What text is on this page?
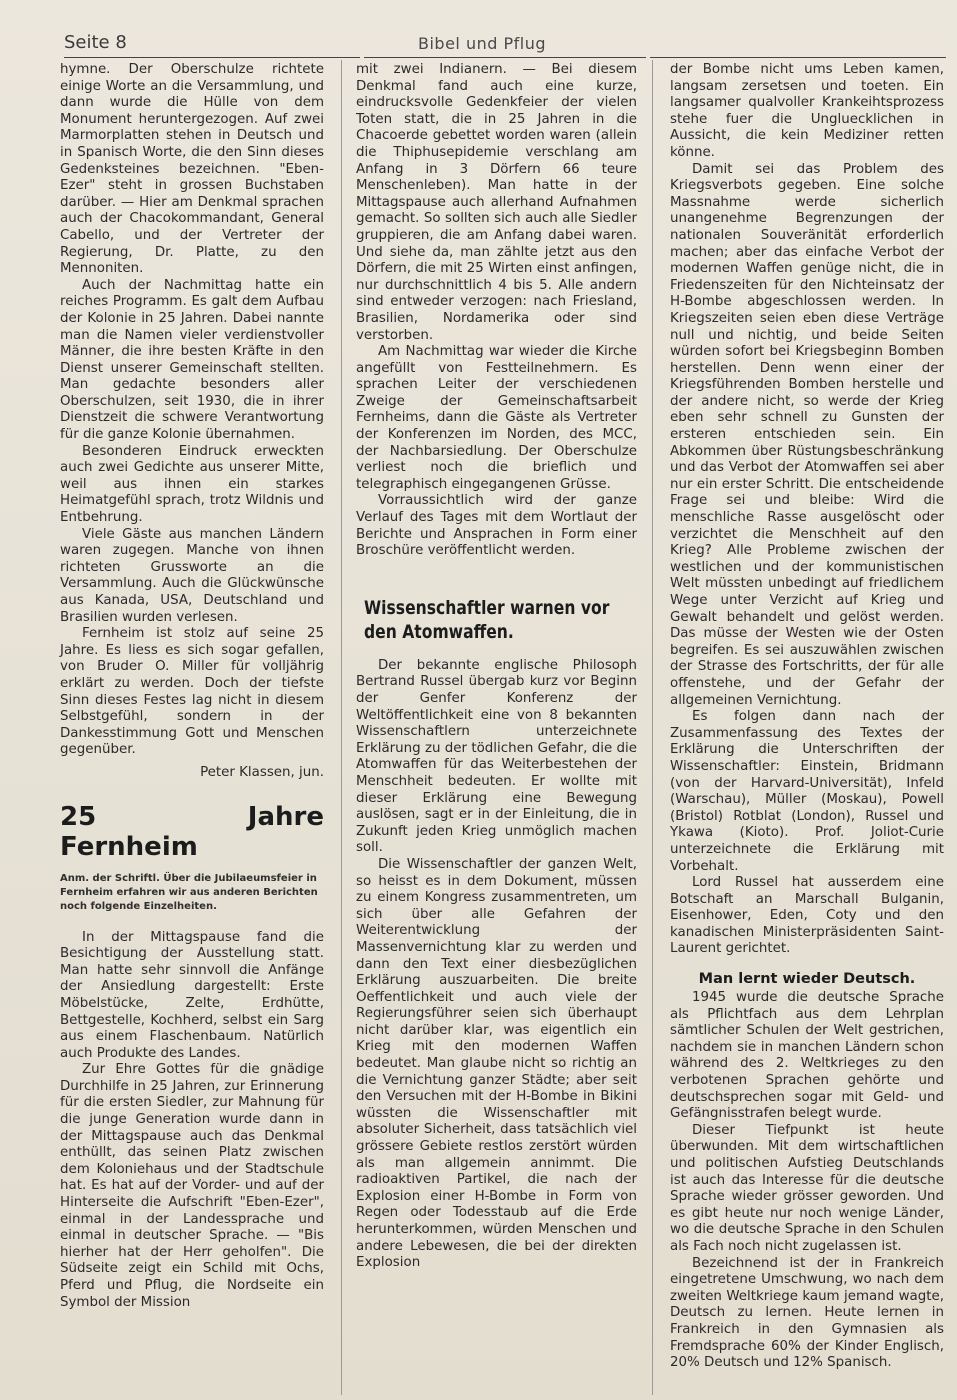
Seite 8	Bibel und Pflug

hymne. Der Oberschulze richtete einige Worte an die Versammlung, und dann wurde die Hülle von dem Monument heruntergezogen. Auf zwei Marmorplatten stehen in Deutsch und in Spanisch Worte, die den Sinn dieses Gedenksteines bezeichnen. "Eben-Ezer" steht in grossen Buchstaben darüber. — Hier am Denkmal sprachen auch der Chacokommandant, General Cabello, und der Vertreter der Regierung, Dr. Platte, zu den Mennoniten.

Auch der Nachmittag hatte ein reiches Programm. Es galt dem Aufbau der Kolonie in 25 Jahren. Dabei nannte man die Namen vieler verdienstvoller Männer, die ihre besten Kräfte in den Dienst unserer Gemeinschaft stellten. Man gedachte besonders aller Oberschulzen, seit 1930, die in ihrer Dienstzeit die schwere Verantwortung für die ganze Kolonie übernahmen.

Besonderen Eindruck erweckten auch zwei Gedichte aus unserer Mitte, weil aus ihnen ein starkes Heimatgefühl sprach, trotz Wildnis und Entbehrung.

Viele Gäste aus manchen Ländern waren zugegen. Manche von ihnen richteten Grussworte an die Versammlung. Auch die Glückwünsche aus Kanada, USA, Deutschland und Brasilien wurden verlesen.

Fernheim ist stolz auf seine 25 Jahre. Es liess es sich sogar gefallen, von Bruder O. Miller für volljährig erklärt zu werden. Doch der tiefste Sinn dieses Festes lag nicht in diesem Selbstgefühl, sondern in der Dankesstimmung Gott und Menschen gegenüber.

Peter Klassen, jun.

25 Jahre Fernheim
Anm. der Schriftl. Über die Jubilaeumsfeier in Fernheim erfahren wir aus anderen Berichten noch folgende Einzelheiten.

In der Mittagspause fand die Besichtigung der Ausstellung statt. Man hatte sehr sinnvoll die Anfänge der Ansiedlung dargestellt: Erste Möbelstücke, Zelte, Erdhütte, Bettgestelle, Kochherd, selbst ein Sarg aus einem Flaschenbaum. Natürlich auch Produkte des Landes.

Zur Ehre Gottes für die gnädige Durchhilfe in 25 Jahren, zur Erinnerung für die ersten Siedler, zur Mahnung für die junge Generation wurde dann in der Mittagspause auch das Denkmal enthüllt, das seinen Platz zwischen dem Koloniehaus und der Stadtschule hat. Es hat auf der Vorder- und auf der Hinterseite die Aufschrift "Eben-Ezer", einmal in der Landessprache und einmal in deutscher Sprache. — "Bis hierher hat der Herr geholfen". Die Südseite zeigt ein Schild mit Ochs, Pferd und Pflug, die Nordseite ein Symbol der Mission

mit zwei Indianern. — Bei diesem Denkmal fand auch eine kurze, eindrucksvolle Gedenkfeier der vielen Toten statt, die in 25 Jahren in die Chacoerde gebettet worden waren (allein die Thiphusepidemie verschlang am Anfang in 3 Dörfern 66 teure Menschenleben). Man hatte in der Mittagspause auch allerhand Aufnahmen gemacht. So sollten sich auch alle Siedler gruppieren, die am Anfang dabei waren. Und siehe da, man zählte jetzt aus den Dörfern, die mit 25 Wirten einst anfingen, nur durchschnittlich 4 bis 5. Alle andern sind entweder verzogen: nach Friesland, Brasilien, Nordamerika oder sind verstorben.

Am Nachmittag war wieder die Kirche angefüllt von Festteilnehmern. Es sprachen Leiter der verschiedenen Zweige der Gemeinschaftsarbeit Fernheims, dann die Gäste als Vertreter der Konferenzen im Norden, des MCC, der Nachbarsiedlung. Der Oberschulze verliest noch die brieflich und telegraphisch eingegangenen Grüsse.

Vorraussichtlich wird der ganze Verlauf des Tages mit dem Wortlaut der Berichte und Ansprachen in Form einer Broschüre veröffentlicht werden.

Wissenschaftler warnen vor den Atomwaffen.

Der bekannte englische Philosoph Bertrand Russel übergab kurz vor Beginn der Genfer Konferenz der Weltöffentlichkeit eine von 8 bekannten Wissenschaftlern unterzeichnete Erklärung zu der tödlichen Gefahr, die die Atomwaffen für das Weiterbestehen der Menschheit bedeuten. Er wollte mit dieser Erklärung eine Bewegung auslösen, sagt er in der Einleitung, die in Zukunft jeden Krieg unmöglich machen soll.

Die Wissenschaftler der ganzen Welt, so heisst es in dem Dokument, müssen zu einem Kongress zusammentreten, um sich über alle Gefahren der Weiterentwicklung der Massenvernichtung klar zu werden und dann den Text einer diesbezüglichen Erklärung auszuarbeiten. Die breite Oeffentlichkeit und auch viele der Regierungsführer seien sich überhaupt nicht darüber klar, was eigentlich ein Krieg mit den modernen Waffen bedeutet. Man glaube nicht so richtig an die Vernichtung ganzer Städte; aber seit den Versuchen mit der H-Bombe in Bikini wüssten die Wissenschaftler mit absoluter Sicherheit, dass tatsächlich viel grössere Gebiete restlos zerstört würden als man allgemein annimmt. Die radioaktiven Partikel, die nach der Explosion einer H-Bombe in Form von Regen oder Todesstaub auf die Erde herunterkommen, würden Menschen und andere Lebewesen, die bei der direkten Explosion

der Bombe nicht ums Leben kamen, langsam zersetsen und toeten. Ein langsamer qualvoller Krankeihtsprozess stehe fuer die Ungluecklichen in Aussicht, die kein Mediziner retten könne.

Damit sei das Problem des Kriegsverbots gegeben. Eine solche Massnahme werde sicherlich unangenehme Begrenzungen der nationalen Souveränität erforderlich machen; aber das einfache Verbot der modernen Waffen genüge nicht, die in Friedenszeiten für den Nichteinsatz der H-Bombe abgeschlossen werden. In Kriegszeiten seien eben diese Verträge null und nichtig, und beide Seiten würden sofort bei Kriegsbeginn Bomben herstellen. Denn wenn einer der Kriegsführenden Bomben herstelle und der andere nicht, so werde der Krieg eben sehr schnell zu Gunsten der ersteren entschieden sein. Ein Abkommen über Rüstungsbeschränkung und das Verbot der Atomwaffen sei aber nur ein erster Schritt. Die entscheidende Frage sei und bleibe: Wird die menschliche Rasse ausgelöscht oder verzichtet die Menschheit auf den Krieg? Alle Probleme zwischen der westlichen und der kommunistischen Welt müssten unbedingt auf friedlichem Wege unter Verzicht auf Krieg und Gewalt behandelt und gelöst werden. Das müsse der Westen wie der Osten begreifen. Es sei auszuwählen zwischen der Strasse des Fortschritts, der für alle offenstehe, und der Gefahr der allgemeinen Vernichtung.

Es folgen dann nach der Zusammenfassung des Textes der Erklärung die Unterschriften der Wissenschaftler: Einstein, Bridmann (von der Harvard-Universität), Infeld (Warschau), Müller (Moskau), Powell (Bristol) Rotblat (London), Russel und Ykawa (Kioto). Prof. Joliot-Curie unterzeichnete die Erklärung mit Vorbehalt.

Lord Russel hat ausserdem eine Botschaft an Marschall Bulganin, Eisenhower, Eden, Coty und den kanadischen Ministerpräsidenten Saint-Laurent gerichtet.

Man lernt wieder Deutsch.

1945 wurde die deutsche Sprache als Pflichtfach aus dem Lehrplan sämtlicher Schulen der Welt gestrichen, nachdem sie in manchen Ländern schon während des 2. Weltkrieges zu den verbotenen Sprachen gehörte und deutschsprechen sogar mit Geld- und Gefängnisstrafen belegt wurde.

Dieser Tiefpunkt ist heute überwunden. Mit dem wirtschaftlichen und politischen Aufstieg Deutschlands ist auch das Interesse für die deutsche Sprache wieder grösser geworden. Und es gibt heute nur noch wenige Länder, wo die deutsche Sprache in den Schulen als Fach noch nicht zugelassen ist.

Bezeichnend ist der in Frankreich eingetretene Umschwung, wo nach dem zweiten Weltkriege kaum jemand wagte, Deutsch zu lernen. Heute lernen in Frankreich in den Gymnasien als Fremdsprache 60% der Kinder Englisch, 20% Deutsch und 12% Spanisch.
